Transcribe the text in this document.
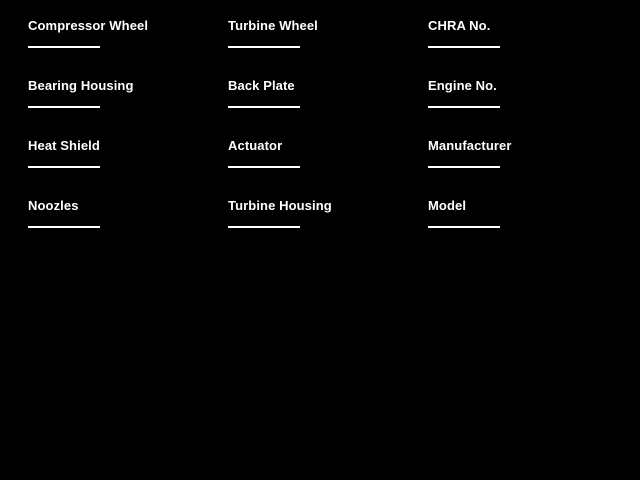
Compressor Wheel
Bearing Housing
Heat Shield
Noozles
Turbine Wheel
Back Plate
Actuator
Turbine Housing
CHRA No.
Engine No.
Manufacturer
Model
